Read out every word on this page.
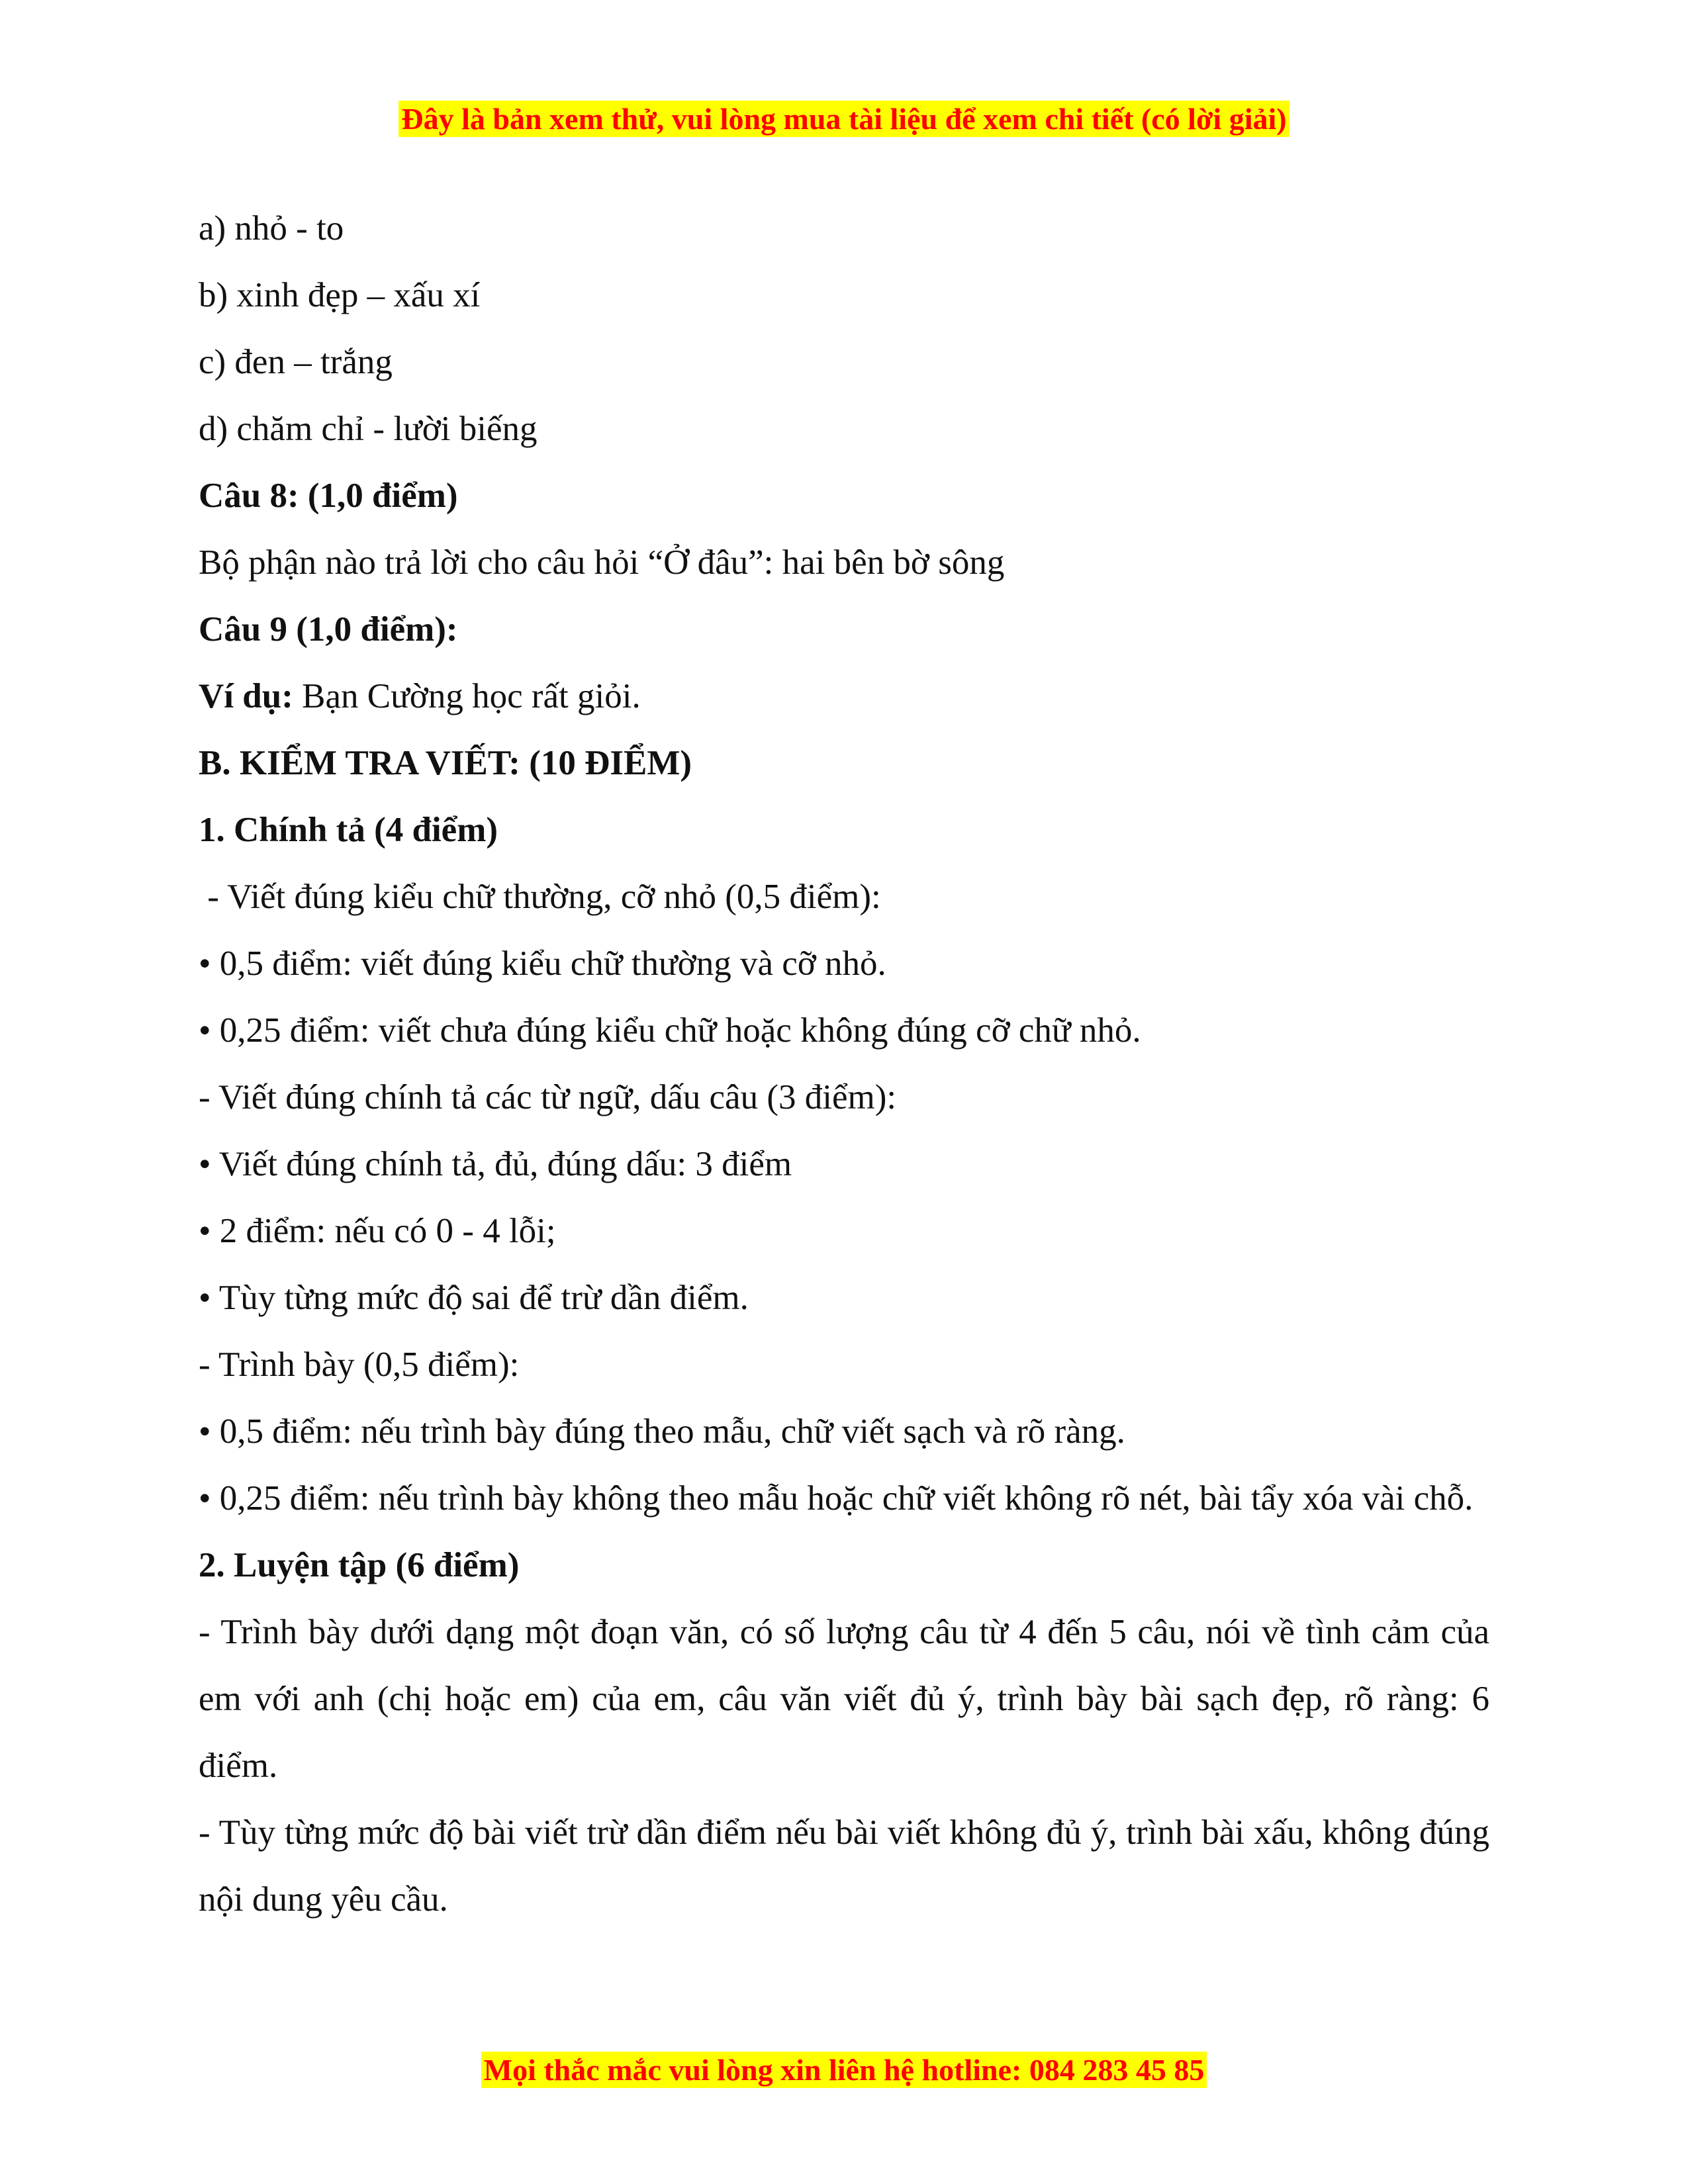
Đây là bản xem thử, vui lòng mua tài liệu để xem chi tiết (có lời giải)

a) nhỏ - to

b) xinh đẹp – xấu xí

c) đen – trắng

d) chăm chỉ - lười biếng

Câu 8: (1,0 điểm)

Bộ phận nào trả lời cho câu hỏi “Ở đâu”: hai bên bờ sông

Câu 9 (1,0 điểm):

Ví dụ: Bạn Cường học rất giỏi.

B. KIỂM TRA VIẾT: (10 ĐIỂM)

1. Chính tả (4 điểm)

- Viết đúng kiểu chữ thường, cỡ nhỏ (0,5 điểm):

• 0,5 điểm: viết đúng kiểu chữ thường và cỡ nhỏ.

• 0,25 điểm: viết chưa đúng kiểu chữ hoặc không đúng cỡ chữ nhỏ.

- Viết đúng chính tả các từ ngữ, dấu câu (3 điểm):

• Viết đúng chính tả, đủ, đúng dấu: 3 điểm

• 2 điểm: nếu có 0 - 4 lỗi;

• Tùy từng mức độ sai để trừ dần điểm.

- Trình bày (0,5 điểm):

• 0,5 điểm: nếu trình bày đúng theo mẫu, chữ viết sạch và rõ ràng.

• 0,25 điểm: nếu trình bày không theo mẫu hoặc chữ viết không rõ nét, bài tẩy xóa vài chỗ.

2. Luyện tập (6 điểm)

- Trình bày dưới dạng một đoạn văn, có số lượng câu từ 4 đến 5 câu, nói về tình cảm của em với anh (chị hoặc em) của em, câu văn viết đủ ý, trình bày bài sạch đẹp, rõ ràng: 6 điểm.

- Tùy từng mức độ bài viết trừ dần điểm nếu bài viết không đủ ý, trình bài xấu, không đúng nội dung yêu cầu.

Mọi thắc mắc vui lòng xin liên hệ hotline: 084 283 45 85
